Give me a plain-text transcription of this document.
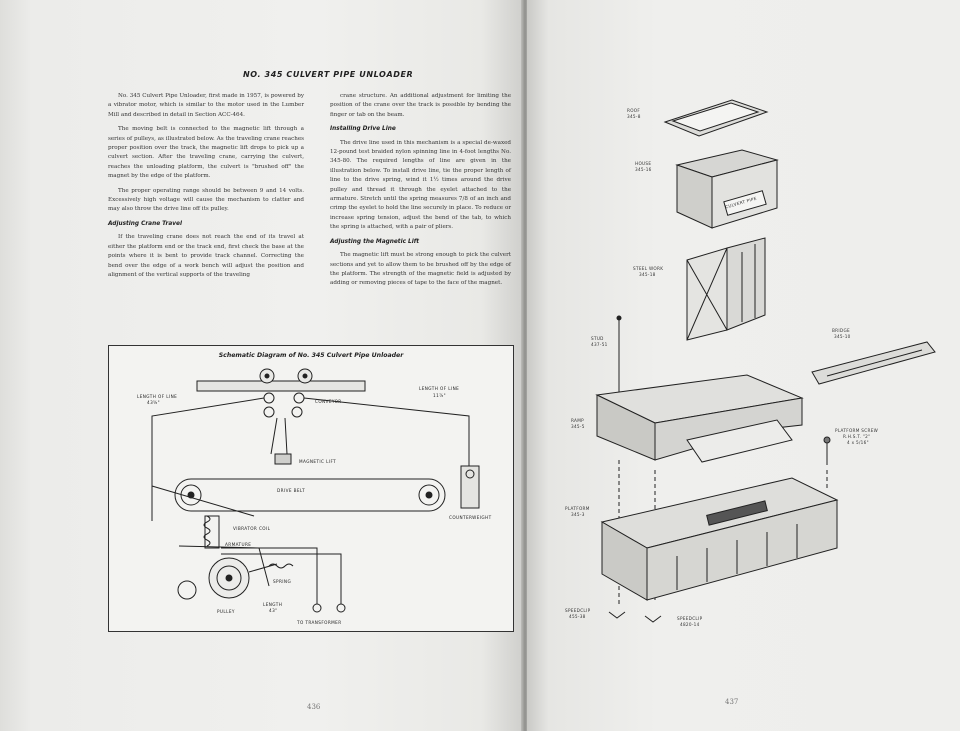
NO. 345 CULVERT PIPE UNLOADER

No. 345 Culvert Pipe Unloader, first made in 1957, is powered by a vibrator motor, which is similar to the motor used in the Lumber Mill and described in detail in Section ACC-464.

The moving belt is connected to the magnetic lift through a series of pulleys, as illustrated below. As the traveling crane reaches proper position over the track, the magnetic lift drops to pick up a culvert section. After the traveling crane, carrying the culvert, reaches the unloading platform, the culvert is "brushed off" the magnet by the edge of the platform.

The proper operating range should be between 9 and 14 volts. Excessively high voltage will cause the mechanism to clatter and may also throw the drive line off its pulley.

Adjusting Crane Travel

If the traveling crane does not reach the end of its travel at either the platform end or the track end, first check the base at the points where it is bent to provide track channel. Correcting the bend over the edge of a work bench will adjust the position and alignment of the vertical supports of the traveling

crane structure. An additional adjustment for limiting the position of the crane over the track is possible by bending the finger or tab on the beam.

Installing Drive Line

The drive line used in this mechanism is a special de-waxed 12-pound test braided nylon spinning line in 4-foot lengths No. 345-80. The required lengths of line are given in the illustration below. To install drive line, tie the proper length of line to the drive spring, wind it 1½ times around the drive pulley and thread it through the eyelet attached to the armature. Stretch until the spring measures 7/8 of an inch and crimp the eyelet to hold the line securely in place. To reduce or increase spring tension, adjust the bend of the tab, to which the spring is attached, with a pair of pliers.

Adjusting the Magnetic Lift

The magnetic lift must be strong enough to pick the culvert sections and yet to allow them to be brushed off by the edge of the platform. The strength of the magnetic field is adjusted by adding or removing pieces of tape to the face of the magnet.

Schematic Diagram of No. 345 Culvert Pipe Unloader
LENGTH OF LINE
43⅝"
LENGTH OF LINE
11⅞"
CONVEYOR
MAGNETIC LIFT
DRIVE BELT
COUNTERWEIGHT
VIBRATOR COIL
ARMATURE
SPRING
PULLEY
LENGTH
43"
TO TRANSFORMER
436
ROOF
345-8
HOUSE
345-16
CULVERT PIPE
STEEL WORK
345-18
STUD
437-51
BRIDGE
345-10
RAMP
345-5
PLATFORM SCREW
R.H.S.T. "2"
4 x 5/16"
PLATFORM
345-3
SPEEDCLIP
455-38	SPEEDCLIP
4820-14
437
